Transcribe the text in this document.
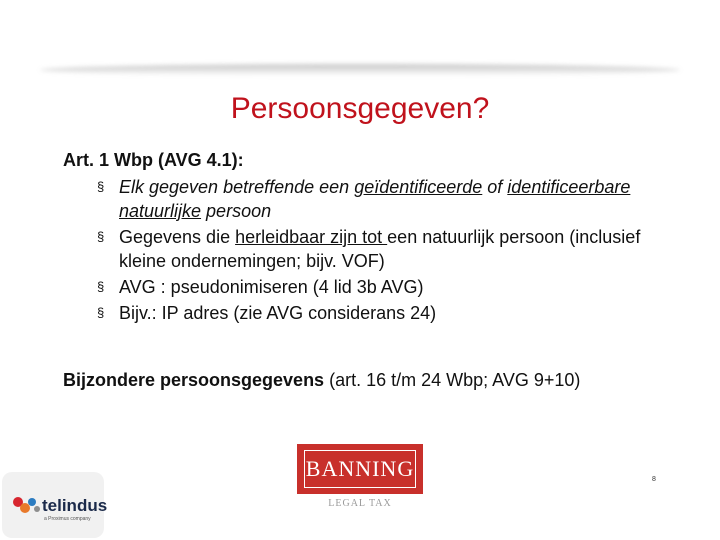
Persoonsgegeven?

Art. 1 Wbp (AVG 4.1):

§ Elk gegeven betreffende een geïdentificeerde of identificeerbare natuurlijke persoon
§ Gegevens die herleidbaar zijn tot een natuurlijk persoon (inclusief kleine ondernemingen; bijv. VOF)
§ AVG : pseudonimiseren (4 lid 3b AVG)
§ Bijv.: IP adres (zie AVG considerans 24)
Bijzondere persoonsgegevens (art. 16 t/m 24 Wbp; AVG 9+10)
BANNING
LEGAL TAX
8
telindus
a Proximus company
